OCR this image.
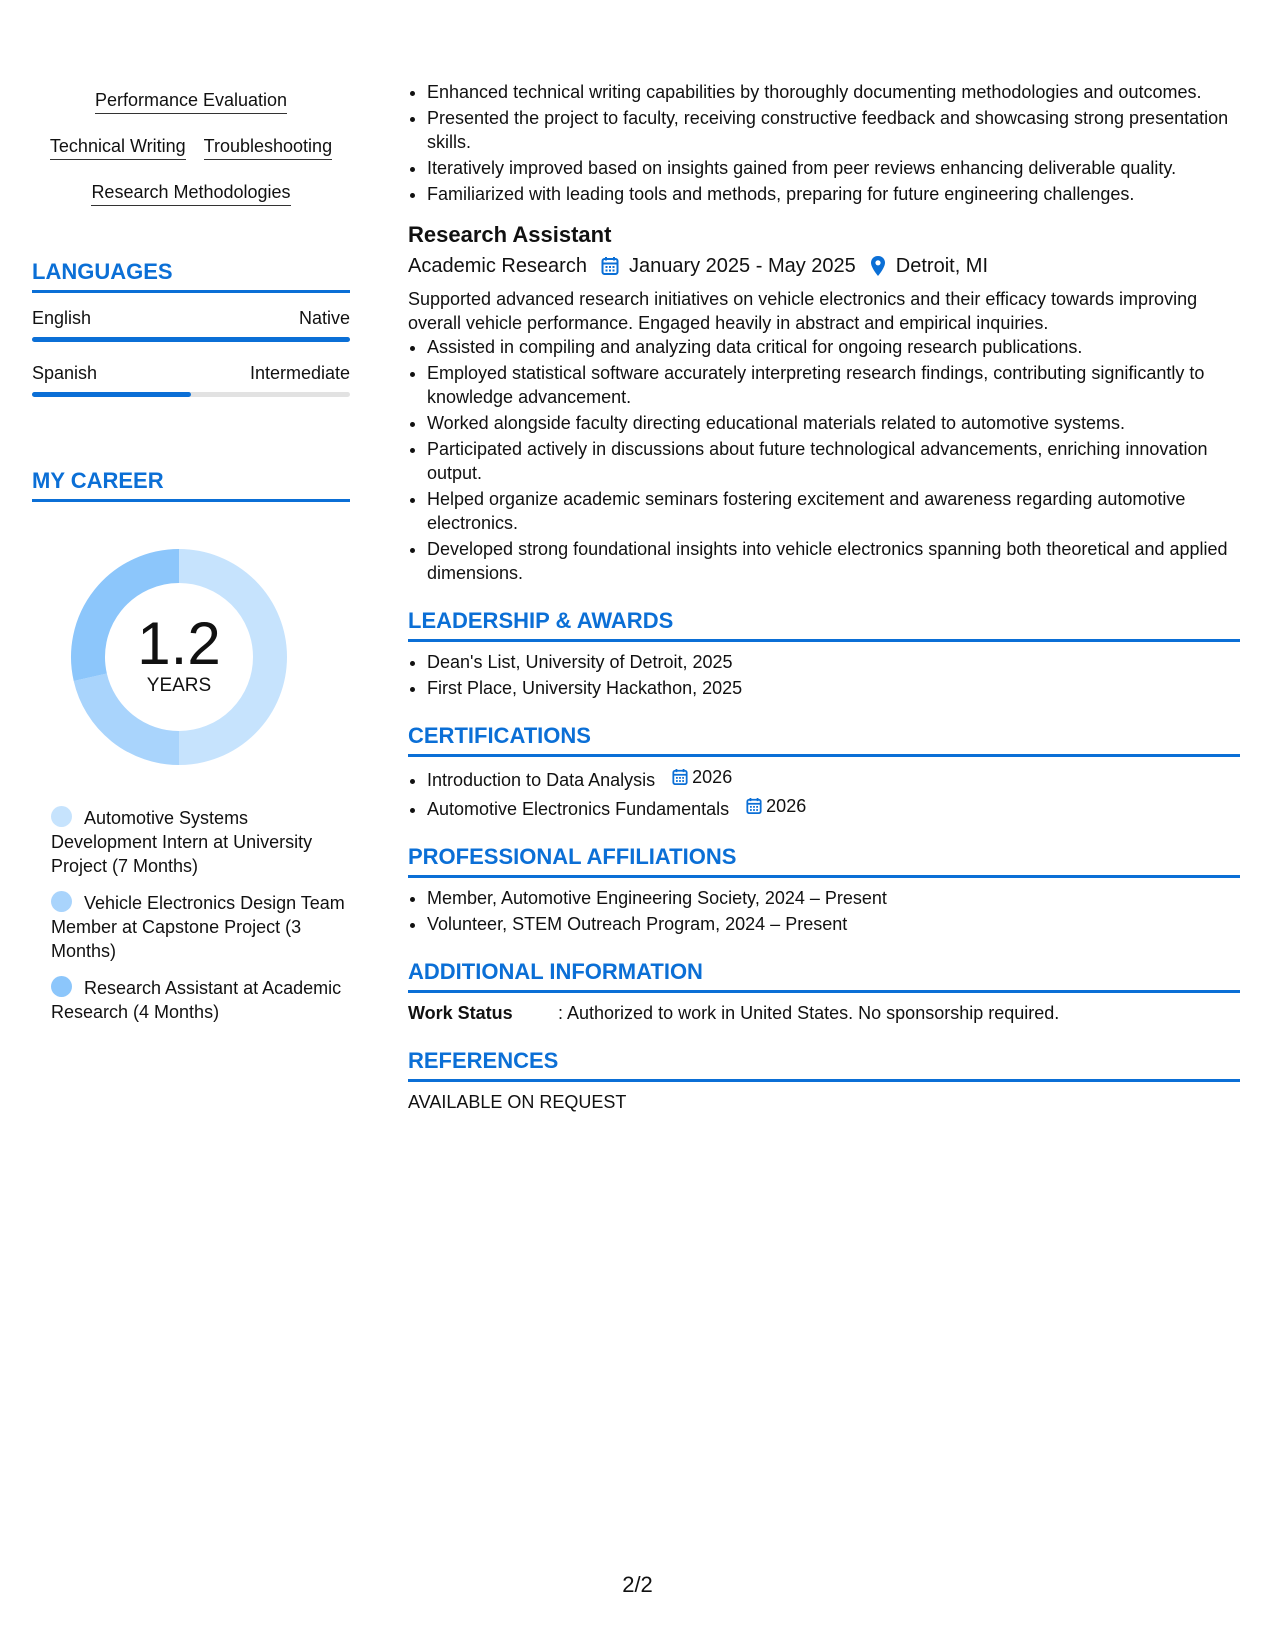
Performance Evaluation
Technical Writing Troubleshooting
Research Methodologies
LANGUAGES
English	Native
Spanish	Intermediate
MY CAREER
1.2
YEARS
Automotive Systems Development Intern at University Project (7 Months)
Vehicle Electronics Design Team Member at Capstone Project (3 Months)
Research Assistant at Academic Research (4 Months)
• Enhanced technical writing capabilities by thoroughly documenting methodologies and outcomes.
• Presented the project to faculty, receiving constructive feedback and showcasing strong presentation skills.
• Iteratively improved based on insights gained from peer reviews enhancing deliverable quality.
• Familiarized with leading tools and methods, preparing for future engineering challenges.
Research Assistant
Academic Research January 2025 - May 2025 Detroit, MI
Supported advanced research initiatives on vehicle electronics and their efficacy towards improving overall vehicle performance. Engaged heavily in abstract and empirical inquiries.
• Assisted in compiling and analyzing data critical for ongoing research publications.
• Employed statistical software accurately interpreting research findings, contributing significantly to knowledge advancement.
• Worked alongside faculty directing educational materials related to automotive systems.
• Participated actively in discussions about future technological advancements, enriching innovation output.
• Helped organize academic seminars fostering excitement and awareness regarding automotive electronics.
• Developed strong foundational insights into vehicle electronics spanning both theoretical and applied dimensions.
LEADERSHIP & AWARDS
• Dean's List, University of Detroit, 2025
• First Place, University Hackathon, 2025
CERTIFICATIONS
• Introduction to Data Analysis 2026
• Automotive Electronics Fundamentals 2026
PROFESSIONAL AFFILIATIONS
• Member, Automotive Engineering Society, 2024 – Present
• Volunteer, STEM Outreach Program, 2024 – Present
ADDITIONAL INFORMATION
Work Status	: Authorized to work in United States. No sponsorship required.
REFERENCES
AVAILABLE ON REQUEST
2/2
